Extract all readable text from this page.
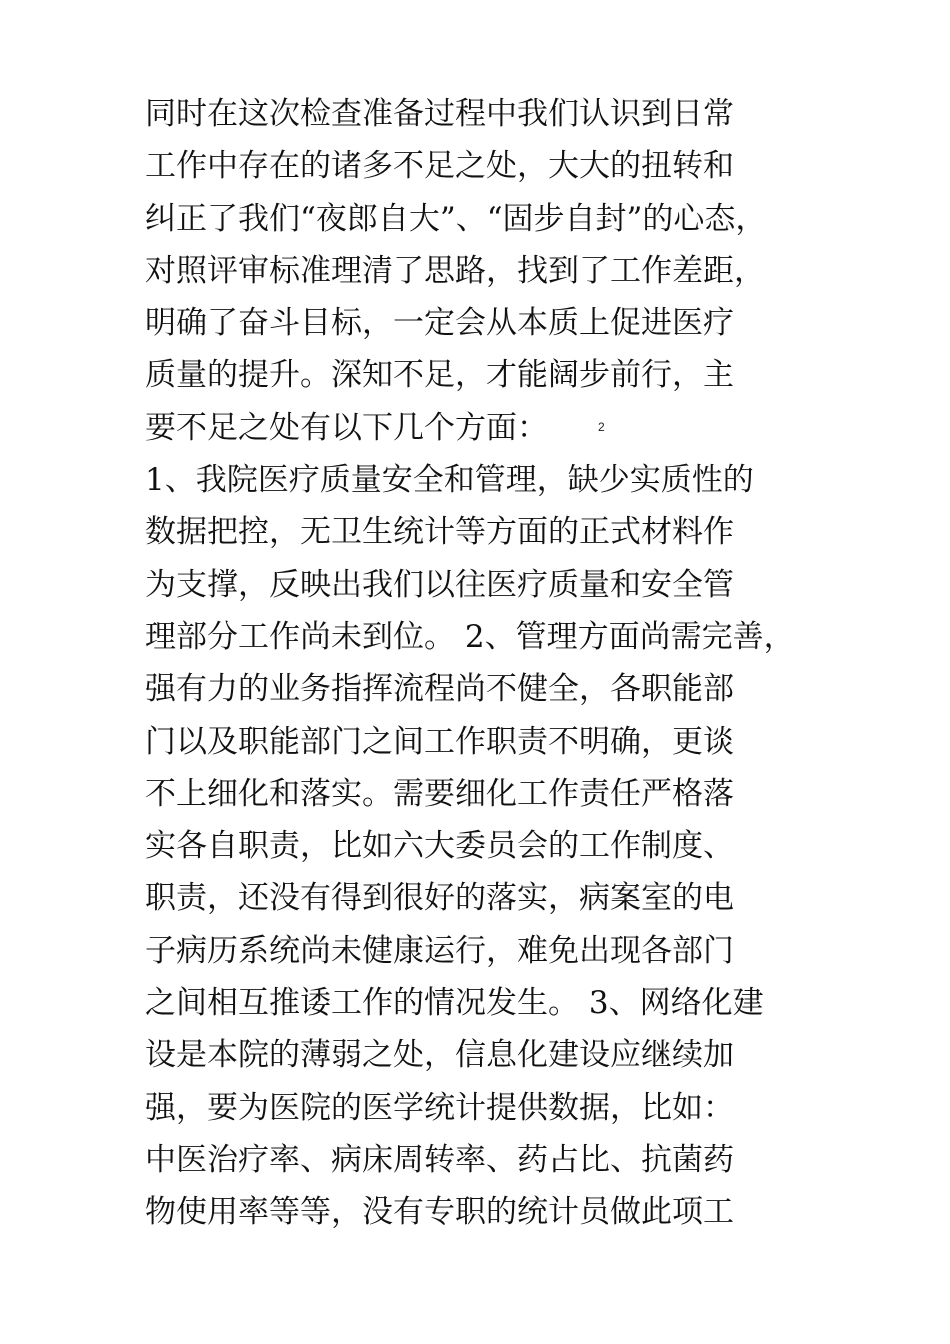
同时在这次检查准备过程中我们认识到日常
工作中存在的诸多不足之处，大大的扭转和
纠正了我们“夜郎自大”、“固步自封”的心态，
对照评审标准理清了思路，找到了工作差距，
明确了奋斗目标，一定会从本质上促进医疗
质量的提升。深知不足，才能阔步前行，主
要不足之处有以下几个方面：
1、我院医疗质量安全和管理，缺少实质性的
数据把控，无卫生统计等方面的正式材料作
为支撑，反映出我们以往医疗质量和安全管
理部分工作尚未到位。 2、管理方面尚需完善，
强有力的业务指挥流程尚不健全，各职能部
门以及职能部门之间工作职责不明确，更谈
不上细化和落实。需要细化工作责任严格落
实各自职责，比如六大委员会的工作制度、
职责，还没有得到很好的落实，病案室的电
子病历系统尚未健康运行，难免出现各部门
之间相互推诿工作的情况发生。 3、网络化建
设是本院的薄弱之处，信息化建设应继续加
强，要为医院的医学统计提供数据，比如：
中医治疗率、病床周转率、药占比、抗菌药
物使用率等等，没有专职的统计员做此项工
2
